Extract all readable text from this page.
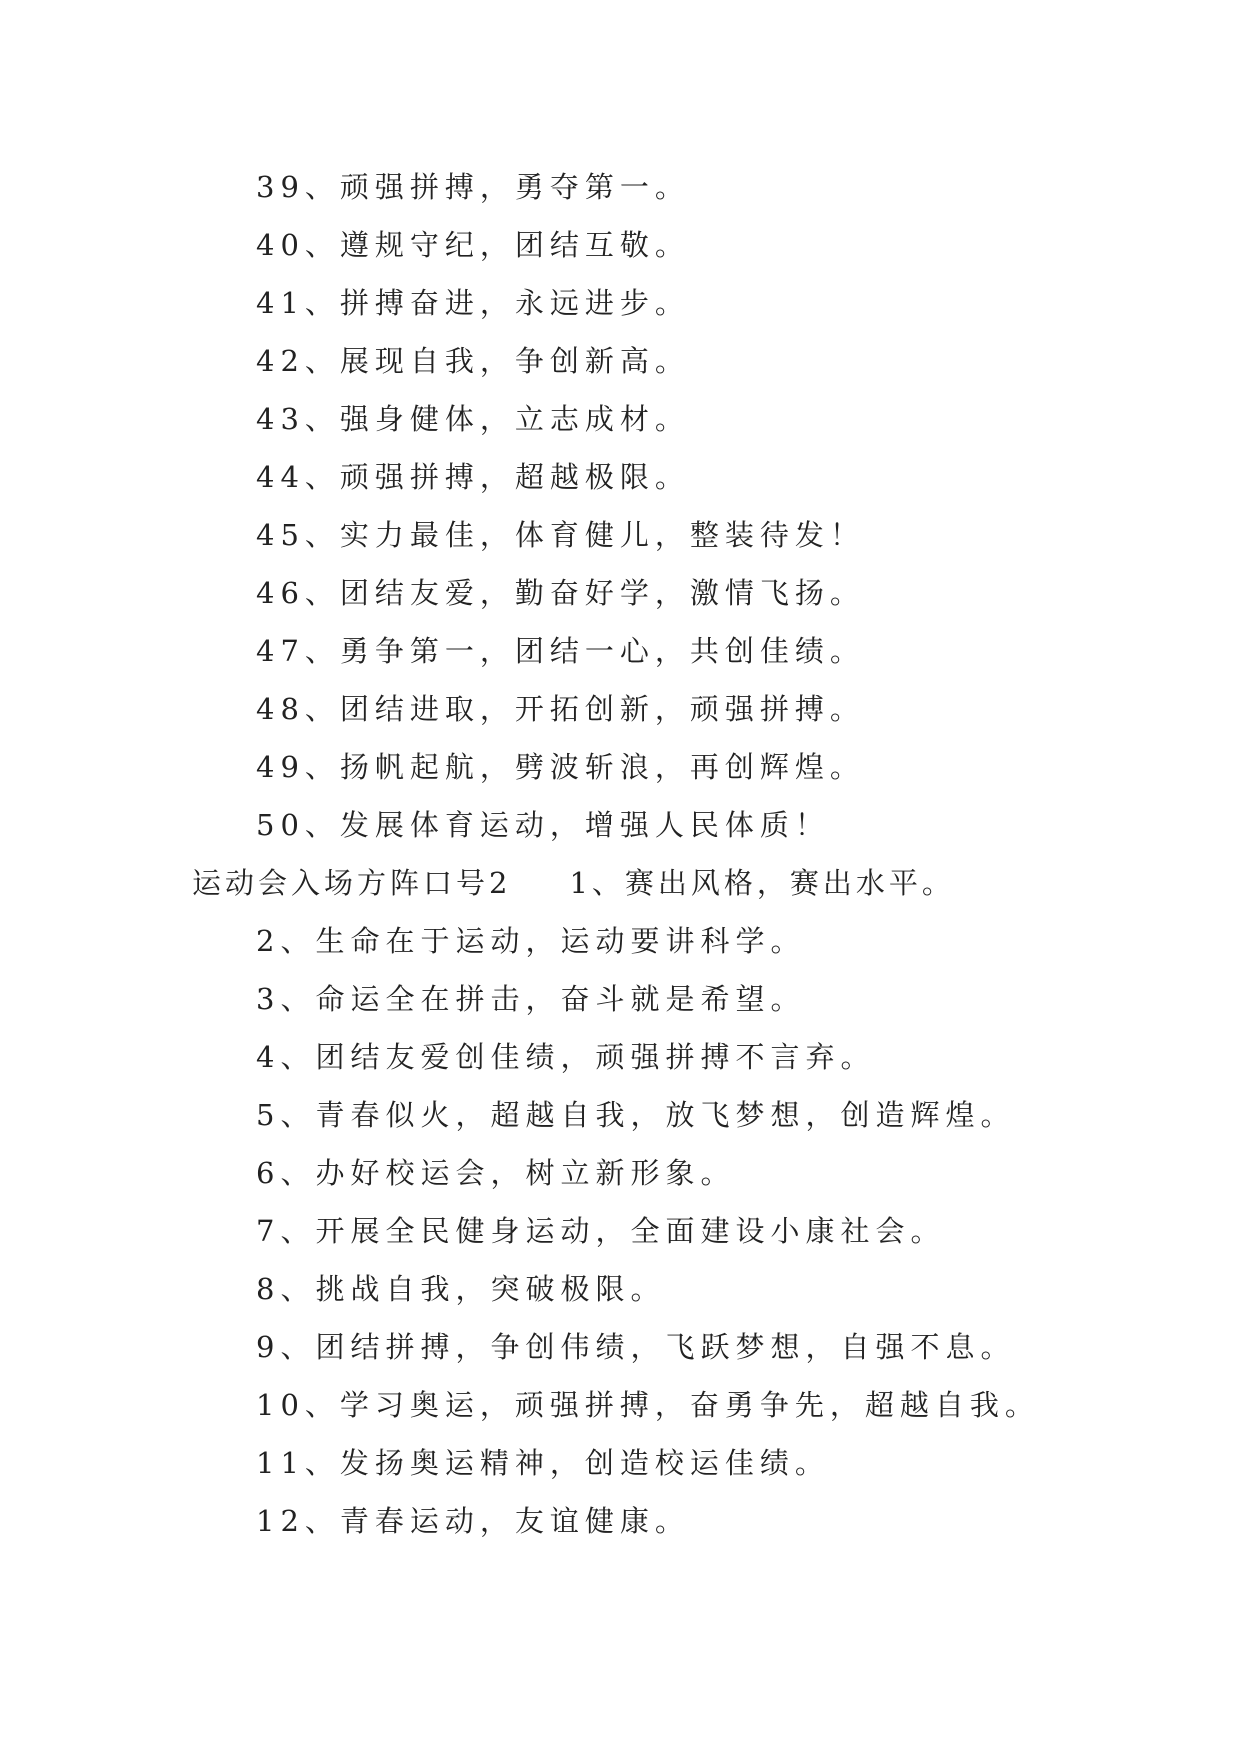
39、顽强拼搏，勇夺第一。
40、遵规守纪，团结互敬。
41、拼搏奋进，永远进步。
42、展现自我，争创新高。
43、强身健体，立志成材。
44、顽强拼搏，超越极限。
45、实力最佳，体育健儿，整装待发！
46、团结友爱，勤奋好学，激情飞扬。
47、勇争第一，团结一心，共创佳绩。
48、团结进取，开拓创新，顽强拼搏。
49、扬帆起航，劈波斩浪，再创辉煌。
50、发展体育运动，增强人民体质！
运动会入场方阵口号2 1、赛出风格，赛出水平。
2、生命在于运动，运动要讲科学。
3、命运全在拼击，奋斗就是希望。
4、团结友爱创佳绩，顽强拼搏不言弃。
5、青春似火，超越自我，放飞梦想，创造辉煌。
6、办好校运会，树立新形象。
7、开展全民健身运动，全面建设小康社会。
8、挑战自我，突破极限。
9、团结拼搏，争创伟绩，飞跃梦想，自强不息。
10、学习奥运，顽强拼搏，奋勇争先，超越自我。
11、发扬奥运精神，创造校运佳绩。
12、青春运动，友谊健康。
